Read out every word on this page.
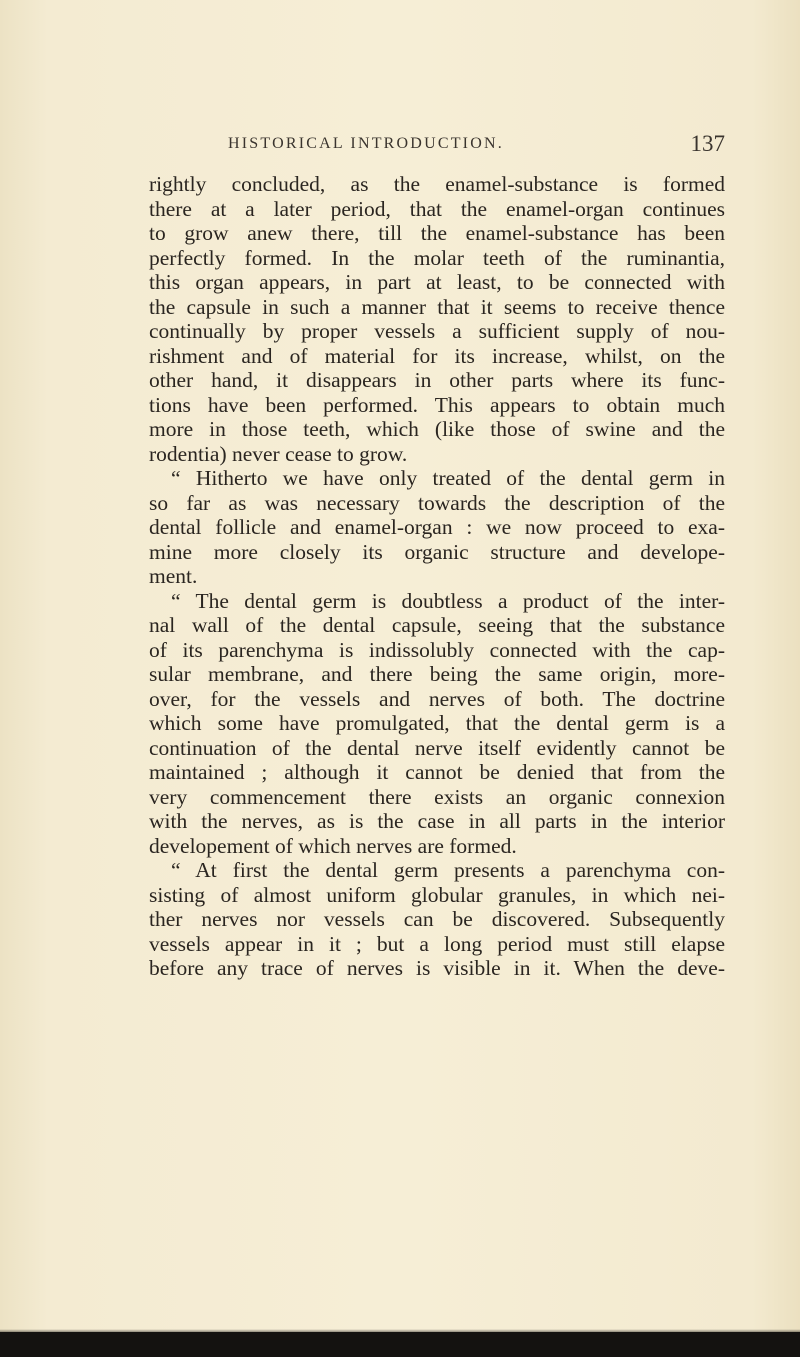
HISTORICAL INTRODUCTION.	137
rightly concluded, as the enamel-substance is formed
there at a later period, that the enamel-organ continues
to grow anew there, till the enamel-substance has been
perfectly formed. In the molar teeth of the ruminantia,
this organ appears, in part at least, to be connected with
the capsule in such a manner that it seems to receive thence
continually by proper vessels a sufficient supply of nou-
rishment and of material for its increase, whilst, on the
other hand, it disappears in other parts where its func-
tions have been performed. This appears to obtain much
more in those teeth, which (like those of swine and the
rodentia) never cease to grow.
“ Hitherto we have only treated of the dental germ in
so far as was necessary towards the description of the
dental follicle and enamel-organ : we now proceed to exa-
mine more closely its organic structure and develope-
ment.
“ The dental germ is doubtless a product of the inter-
nal wall of the dental capsule, seeing that the substance
of its parenchyma is indissolubly connected with the cap-
sular membrane, and there being the same origin, more-
over, for the vessels and nerves of both. The doctrine
which some have promulgated, that the dental germ is a
continuation of the dental nerve itself evidently cannot be
maintained ; although it cannot be denied that from the
very commencement there exists an organic connexion
with the nerves, as is the case in all parts in the interior
developement of which nerves are formed.
“ At first the dental germ presents a parenchyma con-
sisting of almost uniform globular granules, in which nei-
ther nerves nor vessels can be discovered. Subsequently
vessels appear in it ; but a long period must still elapse
before any trace of nerves is visible in it. When the deve-
